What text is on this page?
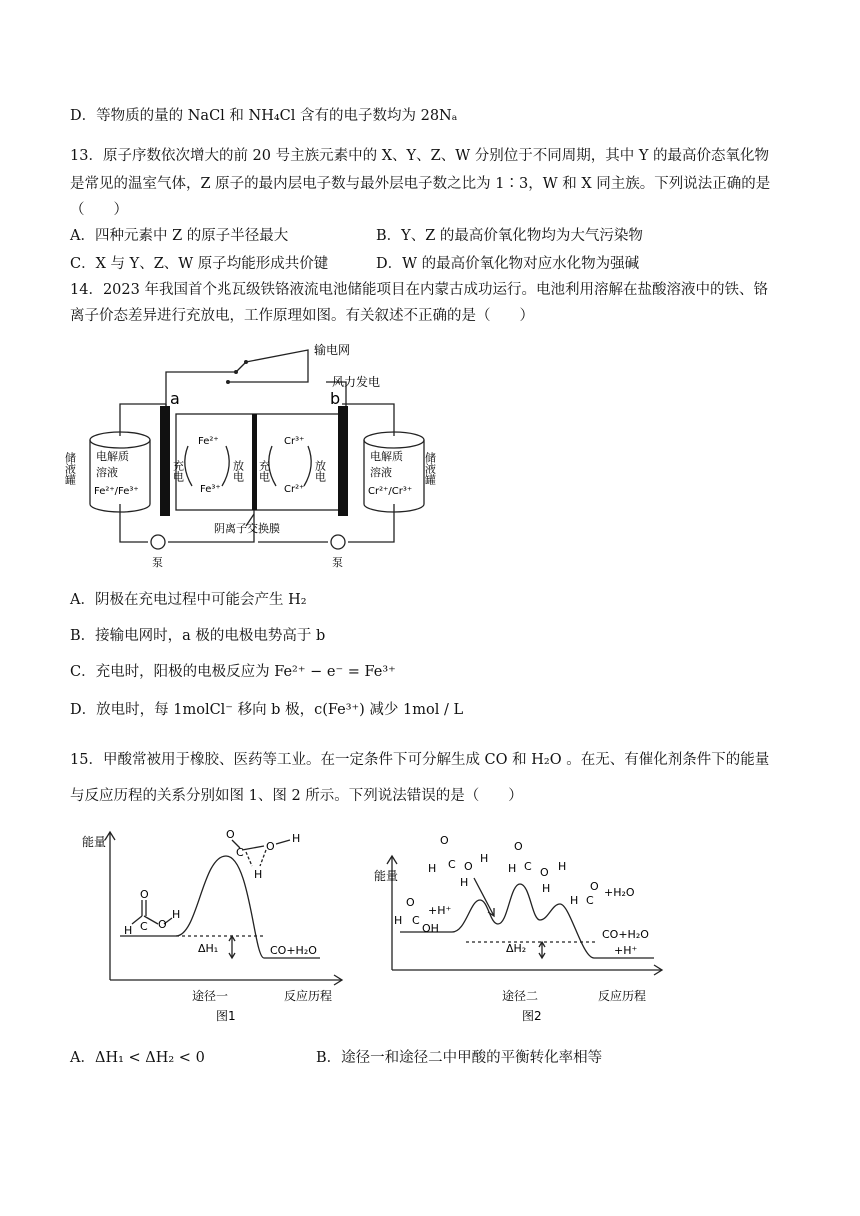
D．等物质的量的 NaCl 和 NH₄Cl 含有的电子数均为 28Nₐ
13．原子序数依次增大的前 20 号主族元素中的 X、Y、Z、W 分别位于不同周期，其中 Y 的最高价态氧化物
是常见的温室气体，Z 原子的最内层电子数与最外层电子数之比为 1∶3，W 和 X 同主族。下列说法正确的是
（　　）
A．四种元素中 Z 的原子半径最大	B．Y、Z 的最高价氧化物均为大气污染物
C．X 与 Y、Z、W 原子均能形成共价键	D．W 的最高价氧化物对应水化物为强碱
14．2023 年我国首个兆瓦级铁铬液流电池储能项目在内蒙古成功运行。电池利用溶解在盐酸溶液中的铁、铬
离子价态差异进行充放电，工作原理如图。有关叙述不正确的是（　　）
输电网
风力发电
a	b
电解质
溶液
Fe²⁺/Fe³⁺
电解质
溶液
Cr²⁺/Cr³⁺
储液罐	储液罐
Fe²⁺
Fe³⁺
Cr³⁺
Cr²⁺
充电	放电 充电	放电
阴离子交换膜
泵	泵
A．阴极在充电过程中可能会产生 H₂
B．接输电网时，a 极的电极电势高于 b
C．充电时，阳极的电极反应为 Fe²⁺ − e⁻ = Fe³⁺
D．放电时，每 1molCl⁻ 移向 b 极，c(Fe³⁺) 减少 1mol / L
15．甲酸常被用于橡胶、医药等工业。在一定条件下可分解生成 CO 和 H₂O 。在无、有催化剂条件下的能量
与反应历程的关系分别如图 1、图 2 所示。下列说法错误的是（　　）
O
H C O
H
O
C O
H
H
能量
ΔH₁	CO+H₂O
途径一	反应历程
图1
O
H C O
H
H
O
H C O H
H
H C
O
O
H C
OH
能量
+H⁺
+H₂O
ΔH₂
CO+H₂O
+H⁺
途径二	反应历程
图2
A．ΔH₁ < ΔH₂ < 0	B．途径一和途径二中甲酸的平衡转化率相等
